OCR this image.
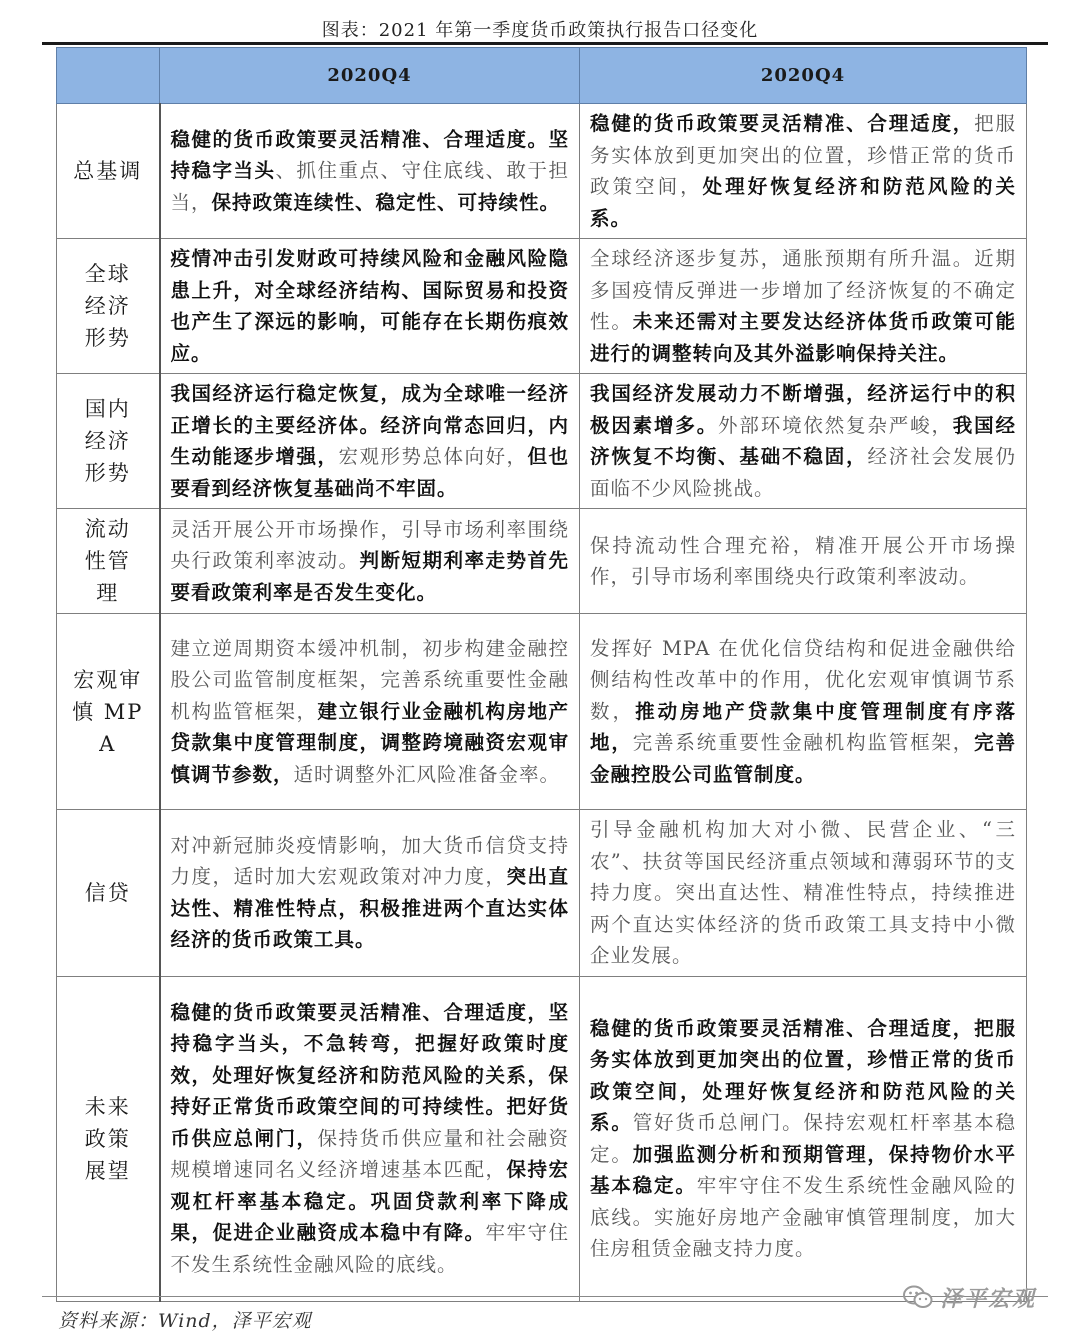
图表：2021 年第一季度货币政策执行报告口径变化
	2020Q4	2020Q4
总基调	稳健的货币政策要灵活精准、合理适度。坚持稳字当头、抓住重点、守住底线、敢于担当，保持政策连续性、稳定性、可持续性。	稳健的货币政策要灵活精准、合理适度，把服务实体放到更加突出的位置，珍惜正常的货币政策空间，处理好恢复经济和防范风险的关系。
全球经济形势	疫情冲击引发财政可持续风险和金融风险隐患上升，对全球经济结构、国际贸易和投资也产生了深远的影响，可能存在长期伤痕效应。	全球经济逐步复苏，通胀预期有所升温。近期多国疫情反弹进一步增加了经济恢复的不确定性。未来还需对主要发达经济体货币政策可能进行的调整转向及其外溢影响保持关注。
国内经济形势	我国经济运行稳定恢复，成为全球唯一经济正增长的主要经济体。经济向常态回归，内生动能逐步增强，宏观形势总体向好，但也要看到经济恢复基础尚不牢固。	我国经济发展动力不断增强，经济运行中的积极因素增多。外部环境依然复杂严峻，我国经济恢复不均衡、基础不稳固，经济社会发展仍面临不少风险挑战。
流动性管理	灵活开展公开市场操作，引导市场利率围绕央行政策利率波动。判断短期利率走势首先要看政策利率是否发生变化。	保持流动性合理充裕，精准开展公开市场操作，引导市场利率围绕央行政策利率波动。
宏观审慎 MPA	建立逆周期资本缓冲机制，初步构建金融控股公司监管制度框架，完善系统重要性金融机构监管框架，建立银行业金融机构房地产贷款集中度管理制度，调整跨境融资宏观审慎调节参数，适时调整外汇风险准备金率。	发挥好 MPA 在优化信贷结构和促进金融供给侧结构性改革中的作用，优化宏观审慎调节系数，推动房地产贷款集中度管理制度有序落地，完善系统重要性金融机构监管框架，完善金融控股公司监管制度。
信贷	对冲新冠肺炎疫情影响，加大货币信贷支持力度，适时加大宏观政策对冲力度，突出直达性、精准性特点，积极推进两个直达实体经济的货币政策工具。	引导金融机构加大对小微、民营企业、“三农”、扶贫等国民经济重点领域和薄弱环节的支持力度。突出直达性、精准性特点，持续推进两个直达实体经济的货币政策工具支持中小微企业发展。
未来政策展望	稳健的货币政策要灵活精准、合理适度，坚持稳字当头，不急转弯，把握好政策时度效，处理好恢复经济和防范风险的关系，保持好正常货币政策空间的可持续性。把好货币供应总闸门，保持货币供应量和社会融资规模增速同名义经济增速基本匹配，保持宏观杠杆率基本稳定。巩固贷款利率下降成果，促进企业融资成本稳中有降。牢牢守住不发生系统性金融风险的底线。	稳健的货币政策要灵活精准、合理适度，把服务实体放到更加突出的位置，珍惜正常的货币政策空间，处理好恢复经济和防范风险的关系。管好货币总闸门。保持宏观杠杆率基本稳定。加强监测分析和预期管理，保持物价水平基本稳定。牢牢守住不发生系统性金融风险的底线。实施好房地产金融审慎管理制度，加大住房租赁金融支持力度。
资料来源：Wind，泽平宏观
泽平宏观
